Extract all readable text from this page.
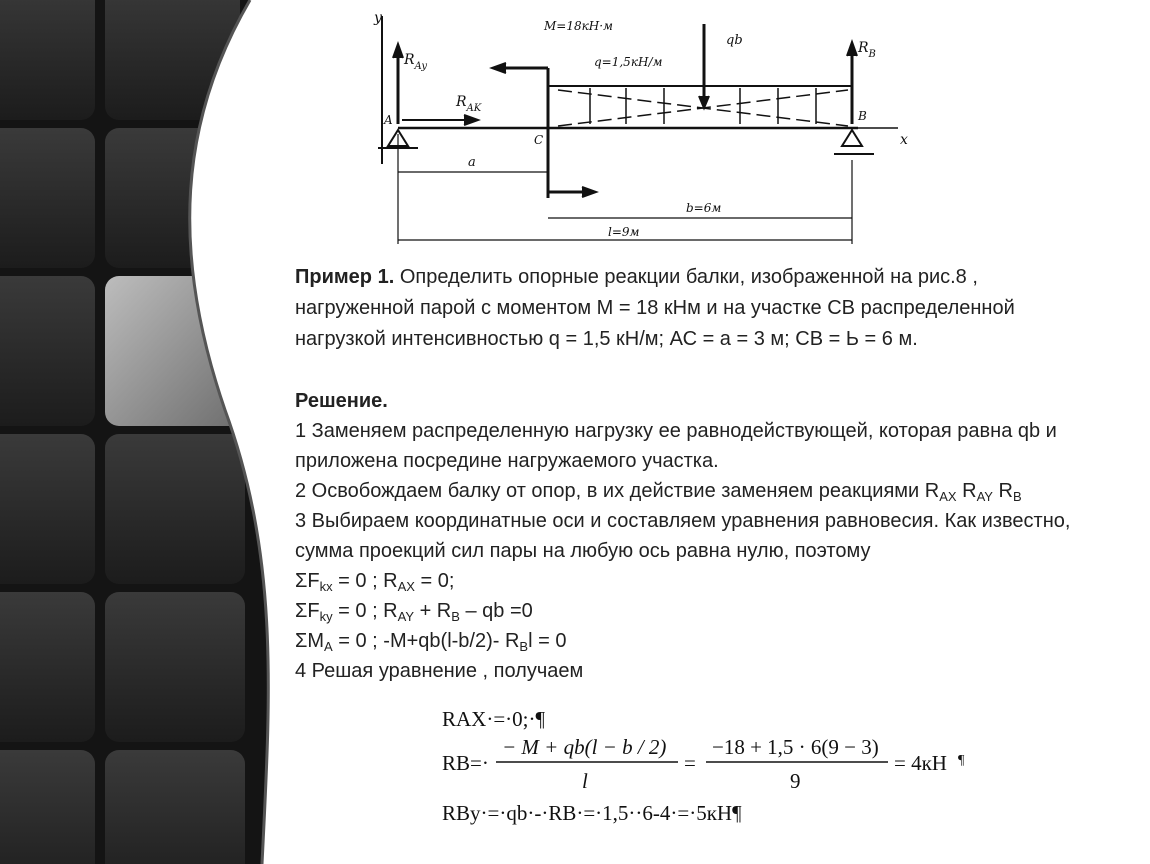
y
x
M=18кН·м
q=1,5кН/м
qb	$R_B$
$R_{Ay}$
$R_{AK}$
A	B
C
a
b=6м
l=9м
Пример 1. Определить опорные реакции балки, изображенной на рис.8 ,
нагруженной парой с моментом М = 18 кНм и на участке СВ распределенной
нагрузкой интенсивностью q = 1,5 кН/м; АС = а = 3 м; СВ = Ь = 6 м.
Решение.
1 Заменяем распределенную нагрузку ее равнодействующей, которая равна qb и
приложена посредине нагружаемого участка.
2 Освобождаем балку от опор, в их действие заменяем реакциями $R_{AX}$ $R_{AY}$ $R_B$
3 Выбираем координатные оси и составляем уравнения равновесия. Как известно,
сумма проекций сил пары на любую ось равна нулю, поэтому
$\Sigma F_{kx} = 0$ ; $R_{AX} = 0$;
$\Sigma F_{ky} = 0$ ; $R_{AY} + R_B$ – qb =0
$\Sigma M_A = 0$ ; -M+qb(l-b/2)- $R_Bl = 0$
4 Решая уравнение , получаем
RAX·=·0;·¶
RB=·
− M + qb(l − b / 2)
l
=
−18 + 1,5 · 6(9 − 3)
9
= 4кН ¶
RBy·=·qb·-·RB·=·1,5··6-4·=·5кН¶
